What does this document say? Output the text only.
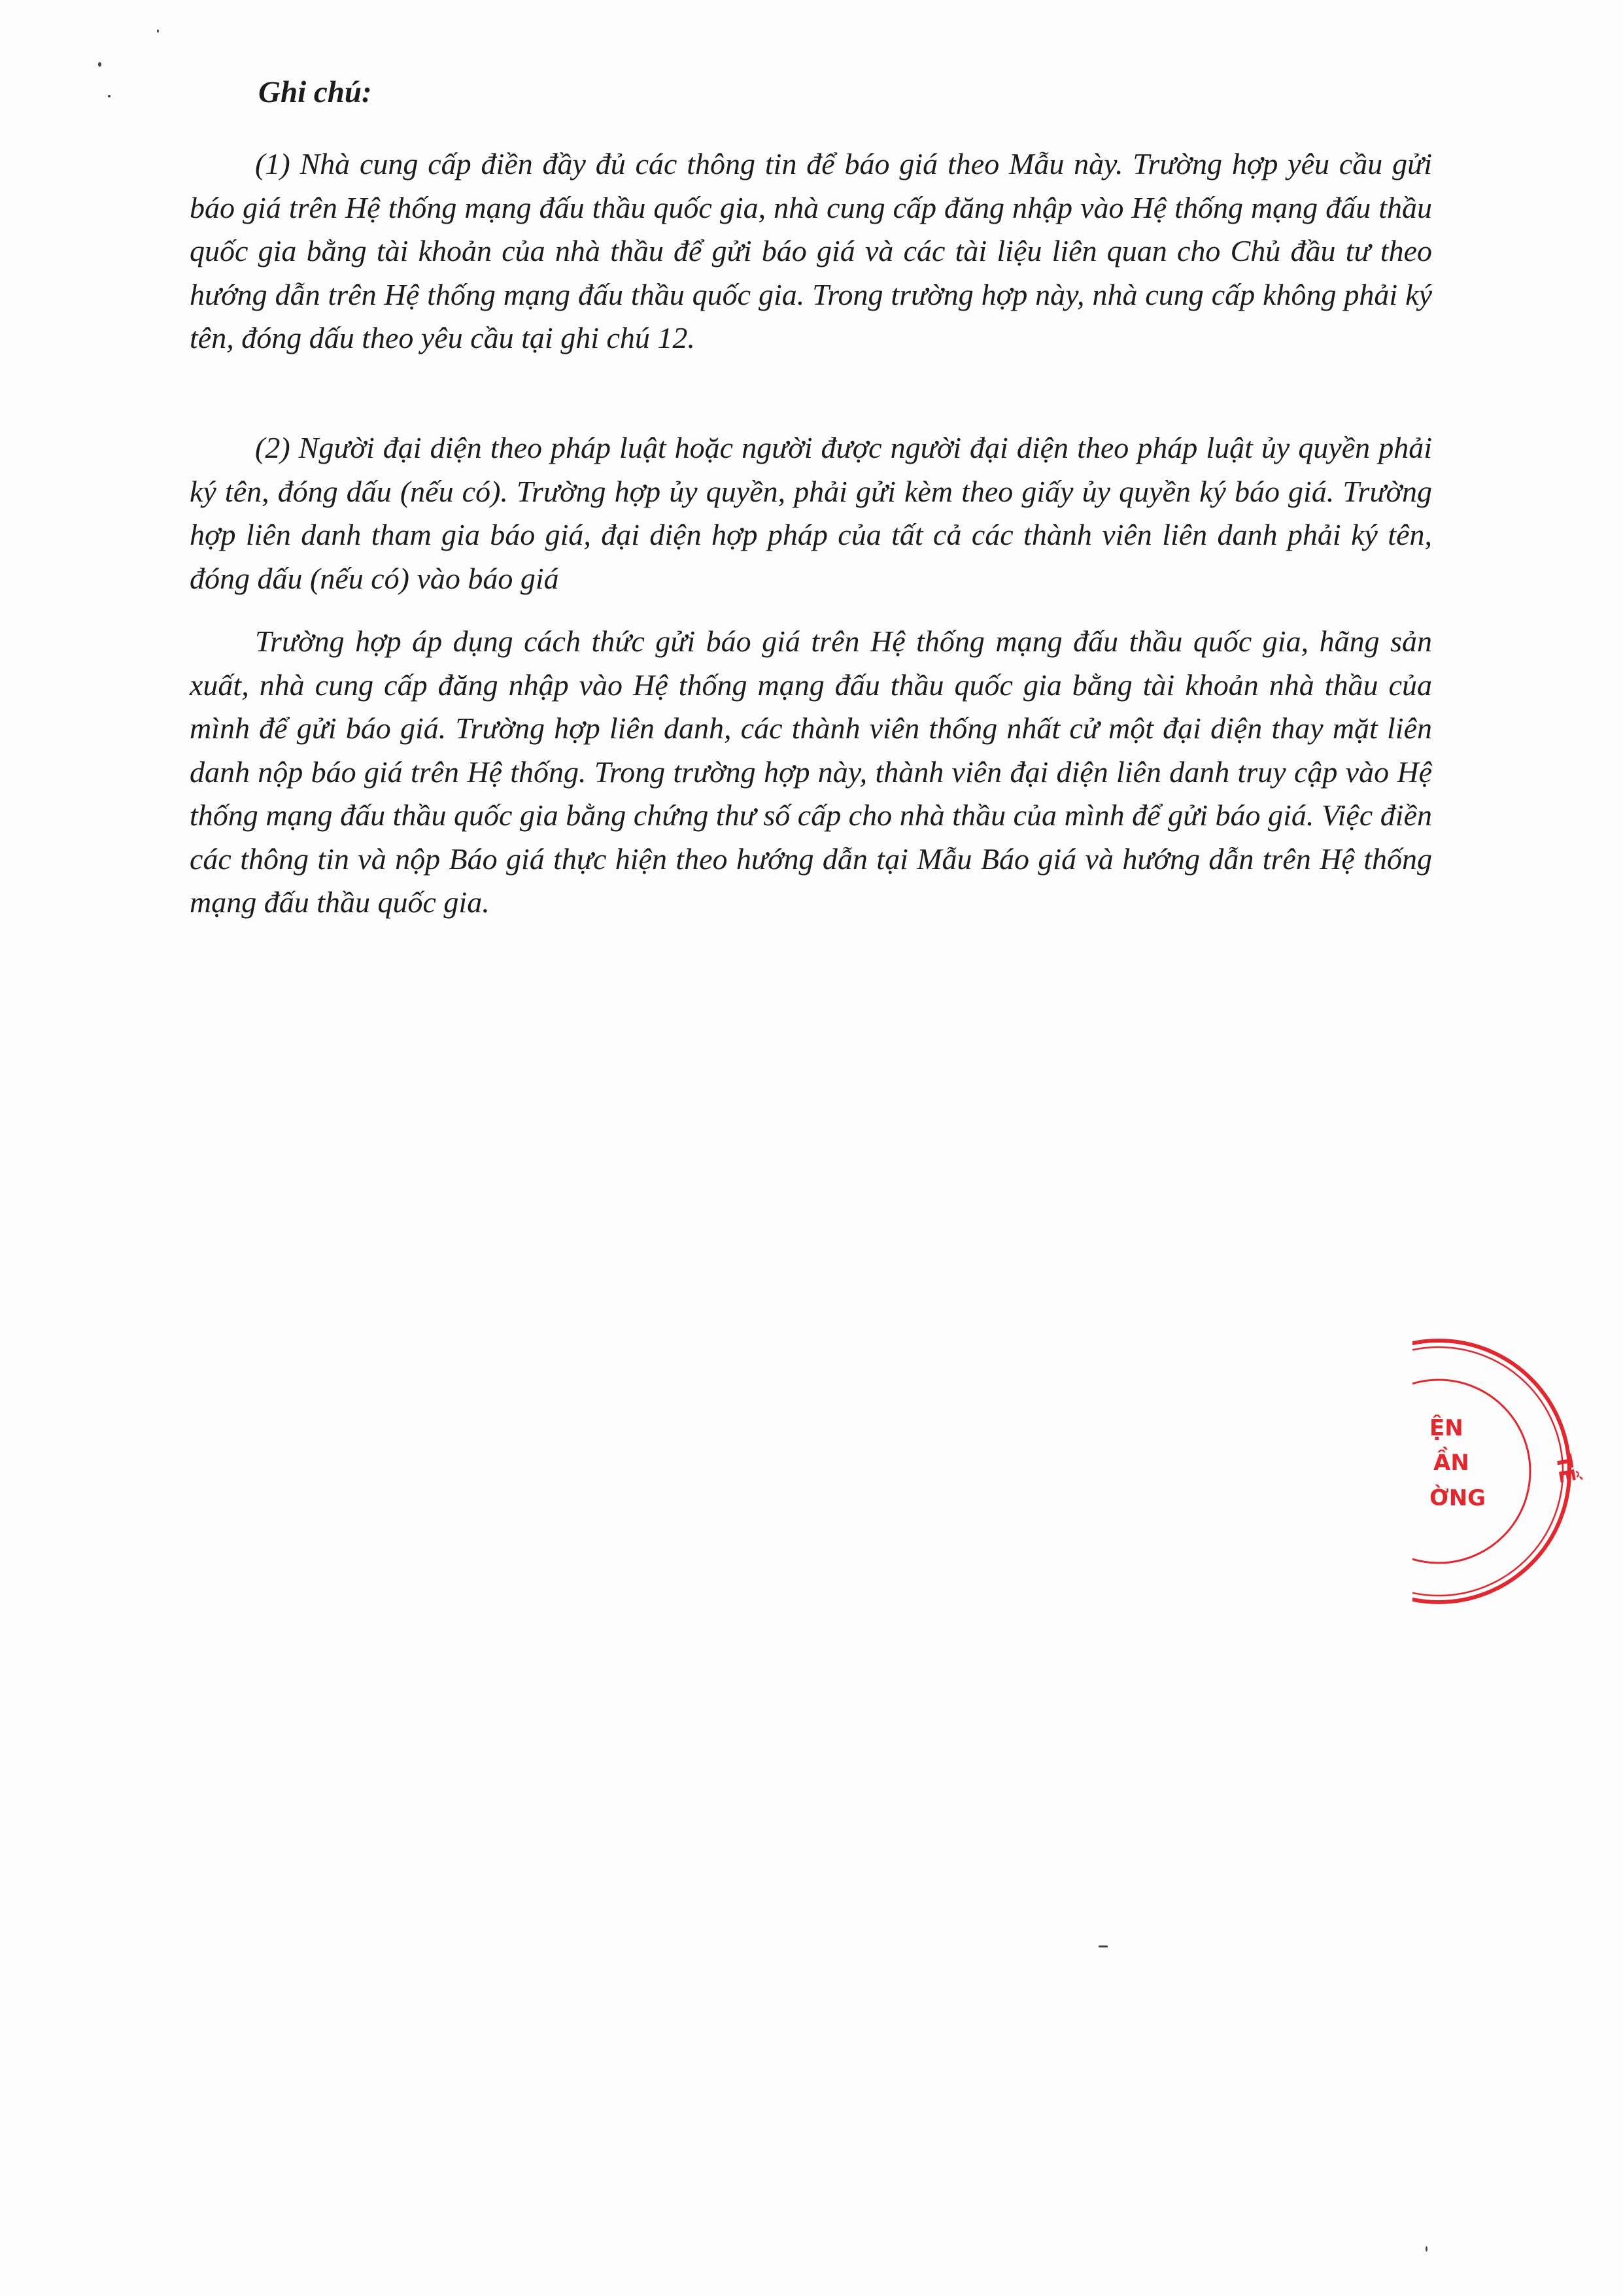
Ghi chú:

(1) Nhà cung cấp điền đầy đủ các thông tin để báo giá theo Mẫu này. Trường hợp yêu cầu gửi báo giá trên Hệ thống mạng đấu thầu quốc gia, nhà cung cấp đăng nhập vào Hệ thống mạng đấu thầu quốc gia bằng tài khoản của nhà thầu để gửi báo giá và các tài liệu liên quan cho Chủ đầu tư theo hướng dẫn trên Hệ thống mạng đấu thầu quốc gia. Trong trường hợp này, nhà cung cấp không phải ký tên, đóng dấu theo yêu cầu tại ghi chú 12.

(2) Người đại diện theo pháp luật hoặc người được người đại diện theo pháp luật ủy quyền phải ký tên, đóng dấu (nếu có). Trường hợp ủy quyền, phải gửi kèm theo giấy ủy quyền ký báo giá. Trường hợp liên danh tham gia báo giá, đại diện hợp pháp của tất cả các thành viên liên danh phải ký tên, đóng dấu (nếu có) vào báo giá

Trường hợp áp dụng cách thức gửi báo giá trên Hệ thống mạng đấu thầu quốc gia, hãng sản xuất, nhà cung cấp đăng nhập vào Hệ thống mạng đấu thầu quốc gia bằng tài khoản nhà thầu của mình để gửi báo giá. Trường hợp liên danh, các thành viên thống nhất cử một đại diện thay mặt liên danh nộp báo giá trên Hệ thống. Trong trường hợp này, thành viên đại diện liên danh truy cập vào Hệ thống mạng đấu thầu quốc gia bằng chứng thư số cấp cho nhà thầu của mình để gửi báo giá. Việc điền các thông tin và nộp Báo giá thực hiện theo hướng dẫn tại Mẫu Báo giá và hướng dẫn trên Hệ thống mạng đấu thầu quốc gia.

ỆN
ẦN
ỜNG
TẾ
